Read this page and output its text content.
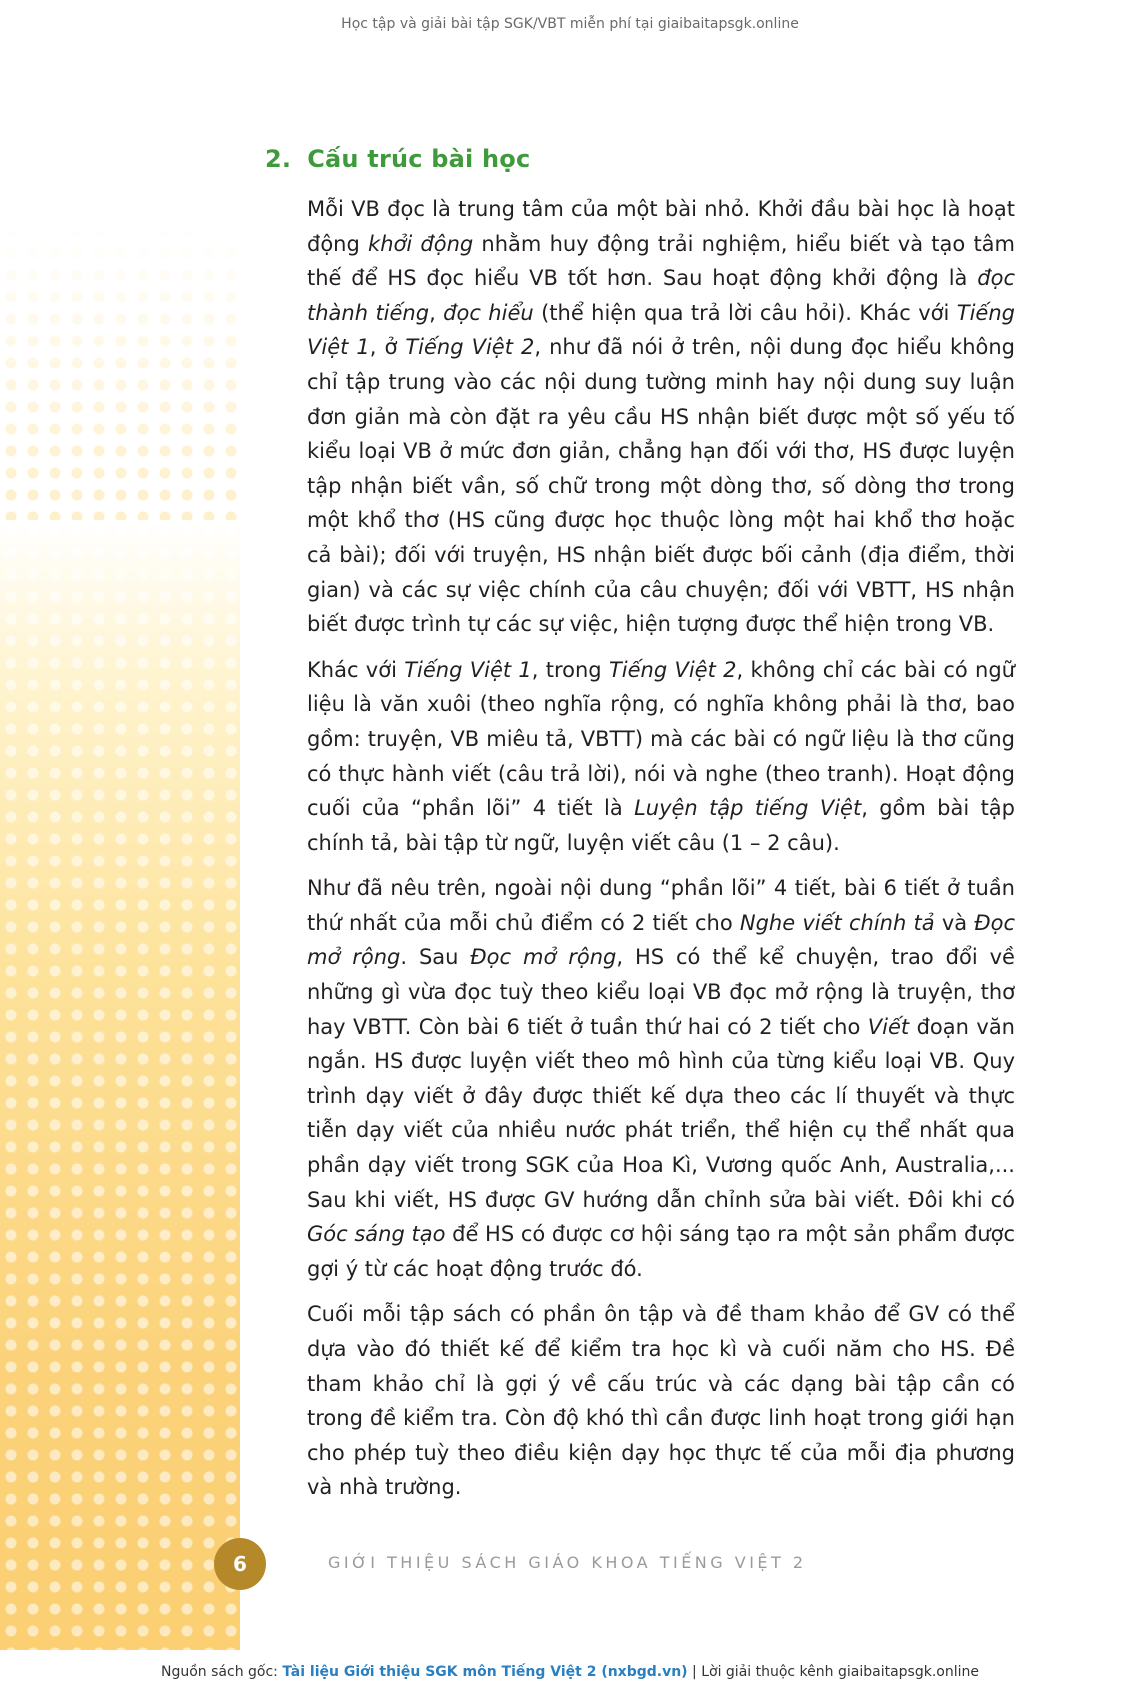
Học tập và giải bài tập SGK/VBT miễn phí tại giaibaitapsgk.online
2. Cấu trúc bài học

Mỗi VB đọc là trung tâm của một bài nhỏ. Khởi đầu bài học là hoạt động khởi động nhằm huy động trải nghiệm, hiểu biết và tạo tâm thế để HS đọc hiểu VB tốt hơn. Sau hoạt động khởi động là đọc thành tiếng, đọc hiểu (thể hiện qua trả lời câu hỏi). Khác với Tiếng Việt 1, ở Tiếng Việt 2, như đã nói ở trên, nội dung đọc hiểu không chỉ tập trung vào các nội dung tường minh hay nội dung suy luận đơn giản mà còn đặt ra yêu cầu HS nhận biết được một số yếu tố kiểu loại VB ở mức đơn giản, chẳng hạn đối với thơ, HS được luyện tập nhận biết vần, số chữ trong một dòng thơ, số dòng thơ trong một khổ thơ (HS cũng được học thuộc lòng một hai khổ thơ hoặc cả bài); đối với truyện, HS nhận biết được bối cảnh (địa điểm, thời gian) và các sự việc chính của câu chuyện; đối với VBTT, HS nhận biết được trình tự các sự việc, hiện tượng được thể hiện trong VB.

Khác với Tiếng Việt 1, trong Tiếng Việt 2, không chỉ các bài có ngữ liệu là văn xuôi (theo nghĩa rộng, có nghĩa không phải là thơ, bao gồm: truyện, VB miêu tả, VBTT) mà các bài có ngữ liệu là thơ cũng có thực hành viết (câu trả lời), nói và nghe (theo tranh). Hoạt động cuối của “phần lõi” 4 tiết là Luyện tập tiếng Việt, gồm bài tập chính tả, bài tập từ ngữ, luyện viết câu (1 – 2 câu).

Như đã nêu trên, ngoài nội dung “phần lõi” 4 tiết, bài 6 tiết ở tuần thứ nhất của mỗi chủ điểm có 2 tiết cho Nghe viết chính tả và Đọc mở rộng. Sau Đọc mở rộng, HS có thể kể chuyện, trao đổi về những gì vừa đọc tuỳ theo kiểu loại VB đọc mở rộng là truyện, thơ hay VBTT. Còn bài 6 tiết ở tuần thứ hai có 2 tiết cho Viết đoạn văn ngắn. HS được luyện viết theo mô hình của từng kiểu loại VB. Quy trình dạy viết ở đây được thiết kế dựa theo các lí thuyết và thực tiễn dạy viết của nhiều nước phát triển, thể hiện cụ thể nhất qua phần dạy viết trong SGK của Hoa Kì, Vương quốc Anh, Australia,... Sau khi viết, HS được GV hướng dẫn chỉnh sửa bài viết. Đôi khi có Góc sáng tạo để HS có được cơ hội sáng tạo ra một sản phẩm được gợi ý từ các hoạt động trước đó.

Cuối mỗi tập sách có phần ôn tập và đề tham khảo để GV có thể dựa vào đó thiết kế để kiểm tra học kì và cuối năm cho HS. Đề tham khảo chỉ là gợi ý về cấu trúc và các dạng bài tập cần có trong đề kiểm tra. Còn độ khó thì cần được linh hoạt trong giới hạn cho phép tuỳ theo điều kiện dạy học thực tế của mỗi địa phương và nhà trường.

6	GIỚI THIỆU SÁCH GIÁO KHOA TIẾNG VIỆT 2
Nguồn sách gốc: Tài liệu Giới thiệu SGK môn Tiếng Việt 2 (nxbgd.vn) | Lời giải thuộc kênh giaibaitapsgk.online
